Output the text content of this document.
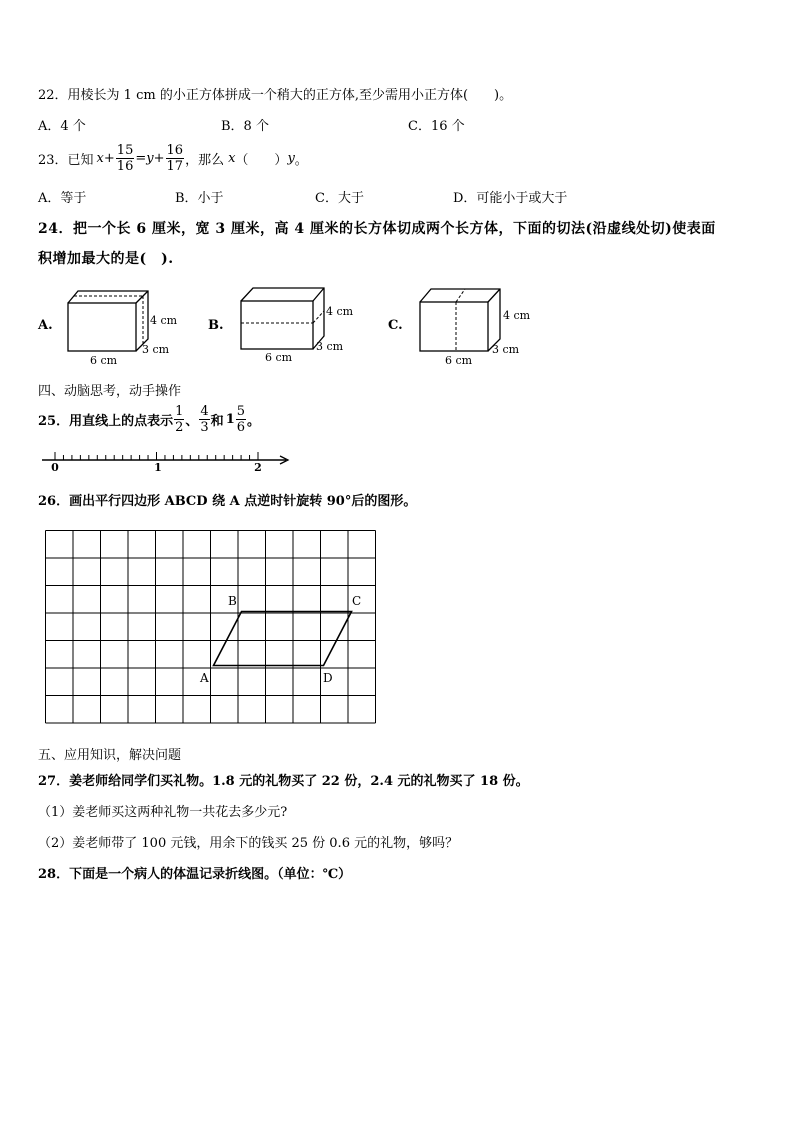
22．用棱长为 1 cm 的小正方体拼成一个稍大的正方体,至少需用小正方体(　　)。
A．4 个	B．8 个	C．16 个
23．已知 $x + \frac{15}{16} = y + \frac{16}{17}$ ，那么 x （　　） y 。
A．等于	B．小于	C．大于	D．可能小于或大于
24．把一个长 6 厘米，宽 3 厘米，高 4 厘米的长方体切成两个长方体，下面的切法(沿虚线处切)使表面
积增加最大的是(　).
A.	B.	C.
4 cm
3 cm
6 cm
4 cm
3 cm
6 cm
4 cm
3 cm
6 cm
四、动脑思考，动手操作
25．用直线上的点表示 $\frac{1}{2}$ 、 $\frac{4}{3}$ 和 $1 \frac{5}{6}$ 。
0	1	2
26．画出平行四边形 ABCD 绕 A 点逆时针旋转 90°后的图形。
B	C
A	D
五、应用知识，解决问题
27．姜老师给同学们买礼物。1.8 元的礼物买了 22 份，2.4 元的礼物买了 18 份。
（1）姜老师买这两种礼物一共花去多少元?
（2）姜老师带了 100 元钱，用余下的钱买 25 份 0.6 元的礼物，够吗？
28．下面是一个病人的体温记录折线图。（单位：℃）
